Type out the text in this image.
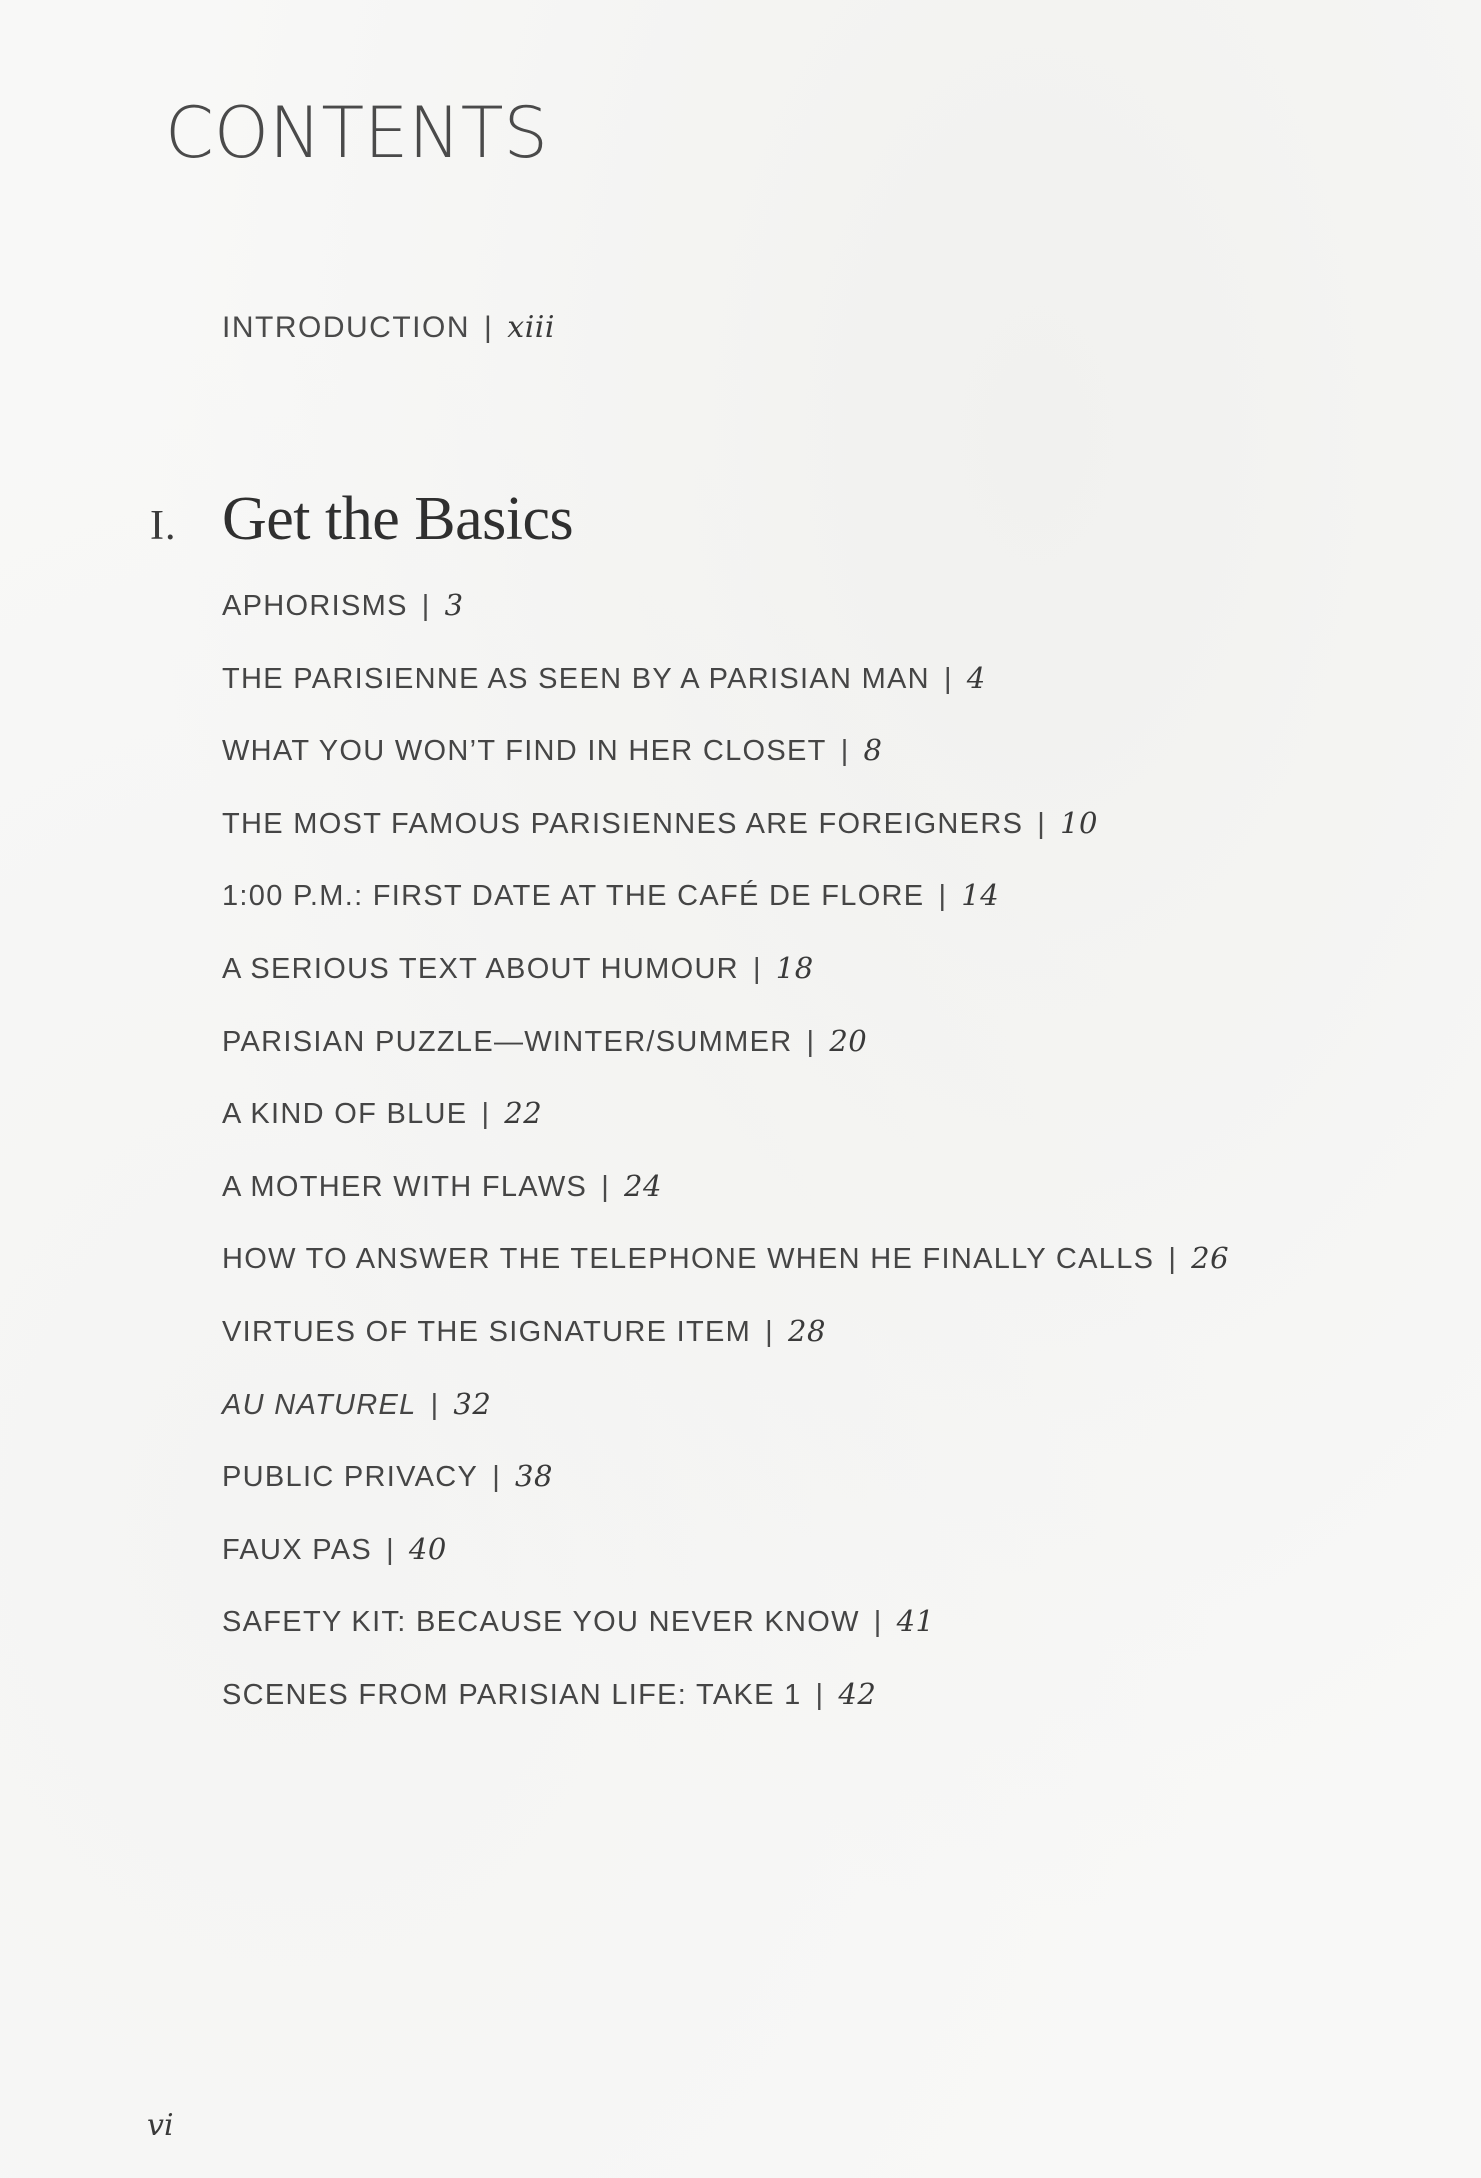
CONTENTS
INTRODUCTION | xiii
I. Get the Basics
APHORISMS | 3
THE PARISIENNE AS SEEN BY A PARISIAN MAN | 4
WHAT YOU WON’T FIND IN HER CLOSET | 8
THE MOST FAMOUS PARISIENNES ARE FOREIGNERS | 10
1:00 P.M.: FIRST DATE AT THE CAFÉ DE FLORE | 14
A SERIOUS TEXT ABOUT HUMOUR | 18
PARISIAN PUZZLE—WINTER/SUMMER | 20
A KIND OF BLUE | 22
A MOTHER WITH FLAWS | 24
HOW TO ANSWER THE TELEPHONE WHEN HE FINALLY CALLS | 26
VIRTUES OF THE SIGNATURE ITEM | 28
AU NATUREL | 32
PUBLIC PRIVACY | 38
FAUX PAS | 40
SAFETY KIT: BECAUSE YOU NEVER KNOW | 41
SCENES FROM PARISIAN LIFE: TAKE 1 | 42
vi
